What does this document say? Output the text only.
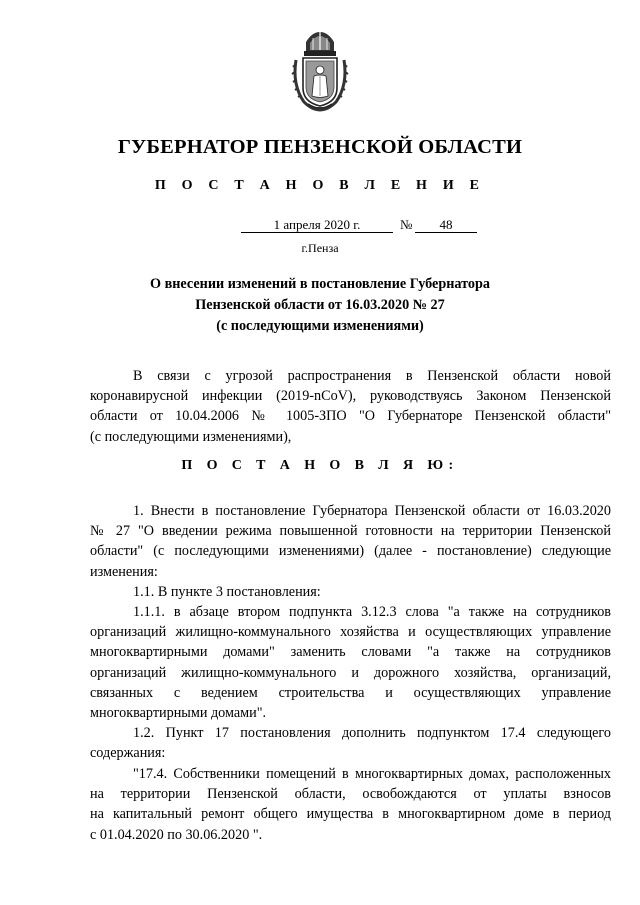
ГУБЕРНАТОР ПЕНЗЕНСКОЙ ОБЛАСТИ
П О С Т А Н О В Л Е Н И Е
1 апреля 2020 г.	№	48
г.Пенза
О внесении изменений в постановление Губернатора
Пензенской области от 16.03.2020 № 27
(с последующими изменениями)
В связи с угрозой распространения в Пензенской области новой
коронавирусной инфекции (2019-nCoV), руководствуясь Законом Пензенской
области от 10.04.2006 № 1005-ЗПО "О Губернаторе Пензенской области"
(с последующими изменениями),
П О С Т А Н О В Л Я Ю:
1. Внести в постановление Губернатора Пензенской области от 16.03.2020
№ 27 "О введении режима повышенной готовности на территории Пензенской
области" (с последующими изменениями) (далее - постановление) следующие
изменения:
1.1. В пункте 3 постановления:
1.1.1. в абзаце втором подпункта 3.12.3 слова "а также на сотрудников
организаций жилищно-коммунального хозяйства и осуществляющих управление
многоквартирными домами" заменить словами "а также на сотрудников
организаций жилищно-коммунального и дорожного хозяйства, организаций,
связанных с ведением строительства и осуществляющих управление
многоквартирными домами".
1.2. Пункт 17 постановления дополнить подпунктом 17.4 следующего
содержания:
"17.4. Собственники помещений в многоквартирных домах, расположенных
на территории Пензенской области, освобождаются от уплаты взносов
на капитальный ремонт общего имущества в многоквартирном доме в период
с 01.04.2020 по 30.06.2020 ".
